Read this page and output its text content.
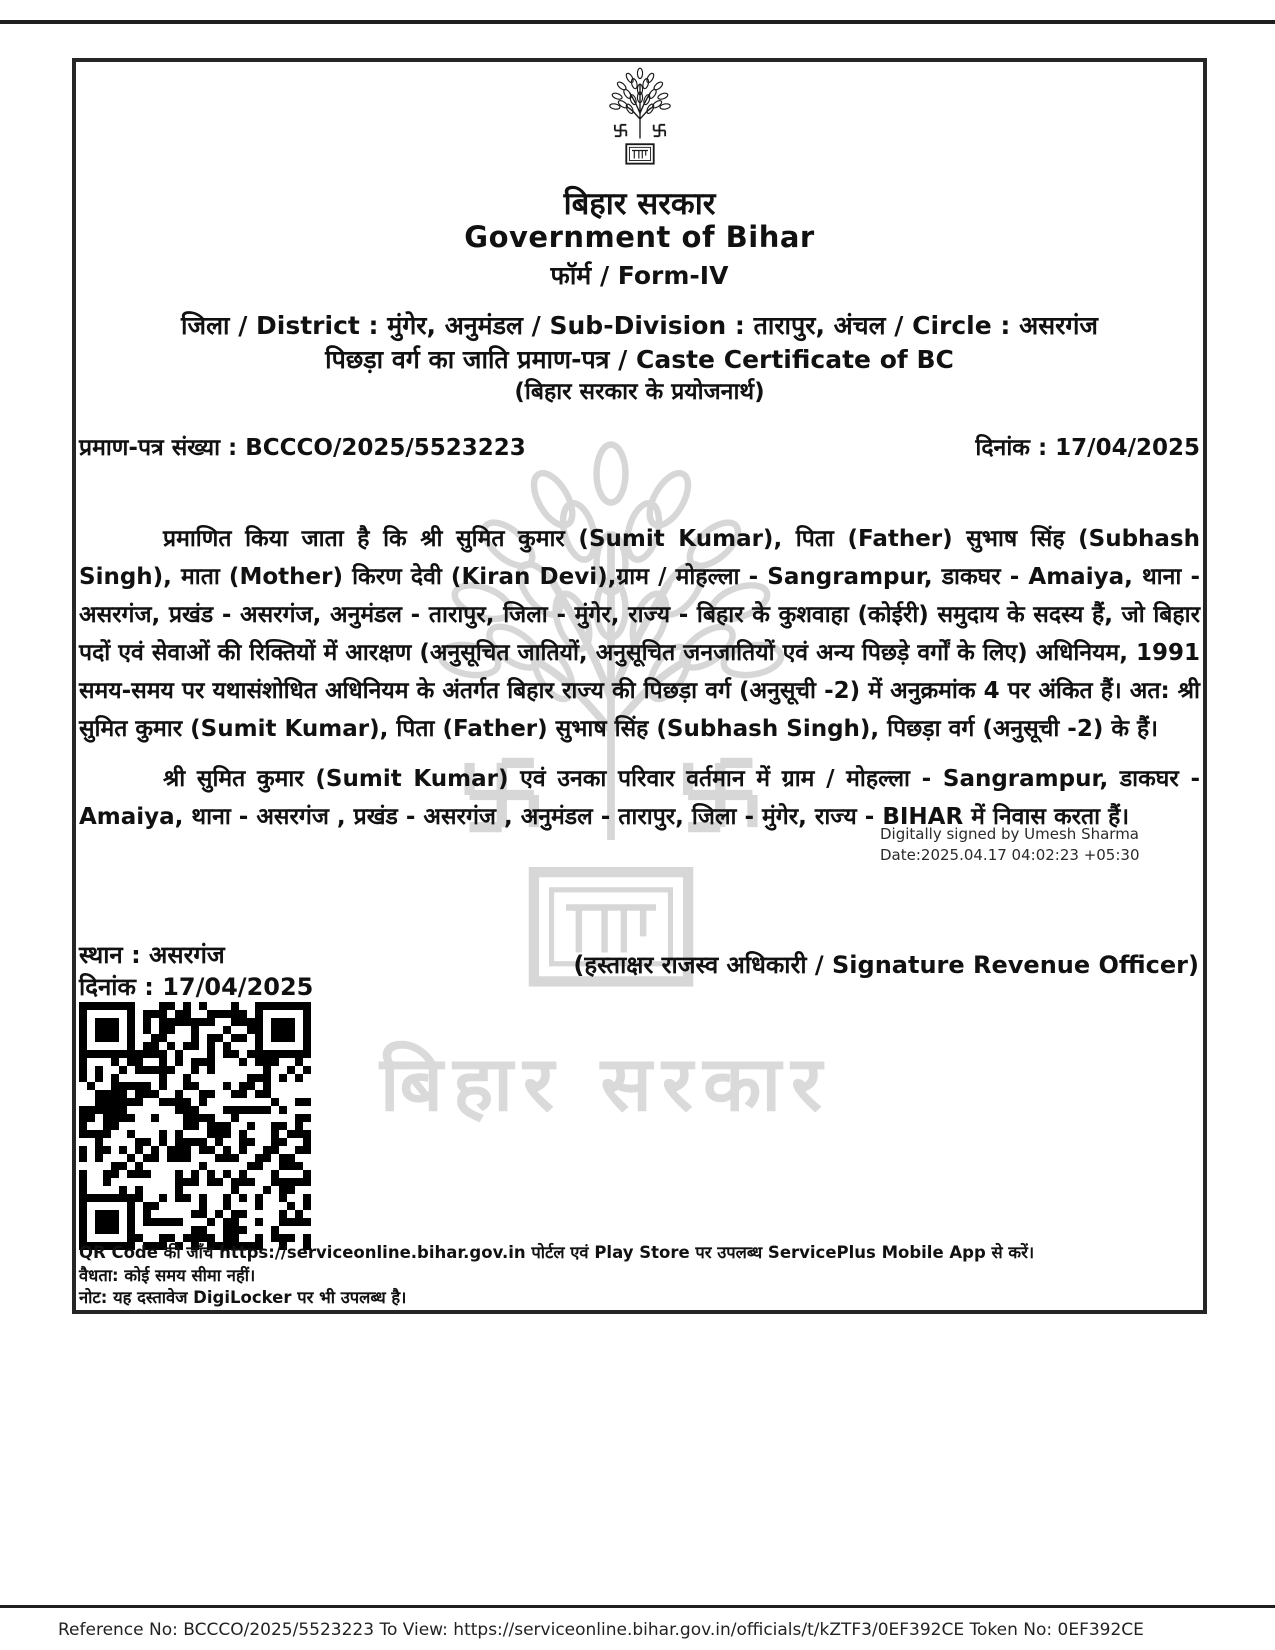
बिहार सरकार
बिहार सरकार
Government of Bihar
फॉर्म / Form-IV
जिला / District : मुंगेर, अनुमंडल / Sub-Division : तारापुर, अंचल / Circle : असरगंज
पिछड़ा वर्ग का जाति प्रमाण-पत्र / Caste Certificate of BC
(बिहार सरकार के प्रयोजनार्थ)
प्रमाण-पत्र संख्या : BCCCO/2025/5523223	दिनांक : 17/04/2025

प्रमाणित किया जाता है कि श्री सुमित कुमार (Sumit Kumar), पिता (Father) सुभाष सिंह (Subhash Singh), माता (Mother) किरण देवी (Kiran Devi),ग्राम / मोहल्ला - Sangrampur, डाकघर - Amaiya, थाना - असरगंज, प्रखंड - असरगंज, अनुमंडल - तारापुर, जिला - मुंगेर, राज्य - बिहार के कुशवाहा (कोईरी) समुदाय के सदस्य हैं, जो बिहार पदों एवं सेवाओं की रिक्तियों में आरक्षण (अनुसूचित जातियों, अनुसूचित जनजातियों एवं अन्य पिछड़े वर्गों के लिए) अधिनियम, 1991 समय-समय पर यथासंशोधित अधिनियम के अंतर्गत बिहार राज्य की पिछड़ा वर्ग (अनुसूची -2) में अनुक्रमांक 4 पर अंकित हैं। अत: श्री सुमित कुमार (Sumit Kumar), पिता (Father) सुभाष सिंह (Subhash Singh), पिछड़ा वर्ग (अनुसूची -2) के हैं।

श्री सुमित कुमार (Sumit Kumar) एवं उनका परिवार वर्तमान में ग्राम / मोहल्ला - Sangrampur, डाकघर - Amaiya, थाना - असरगंज , प्रखंड - असरगंज , अनुमंडल - तारापुर, जिला - मुंगेर, राज्य - BIHAR में निवास करता हैं।

Digitally signed by Umesh Sharma
Date:2025.04.17 04:02:23 +05:30
स्थान : असरगंज	(हस्ताक्षर राजस्व अधिकारी / Signature Revenue Officer)
दिनांक : 17/04/2025
QR Code की जाँच https://serviceonline.bihar.gov.in पोर्टल एवं Play Store पर उपलब्ध ServicePlus Mobile App से करें।
वैधता: कोई समय सीमा नहीं।
नोट: यह दस्तावेज DigiLocker पर भी उपलब्ध है।
Reference No: BCCCO/2025/5523223 To View: https://serviceonline.bihar.gov.in/officials/t/kZTF3/0EF392CE Token No: 0EF392CE
